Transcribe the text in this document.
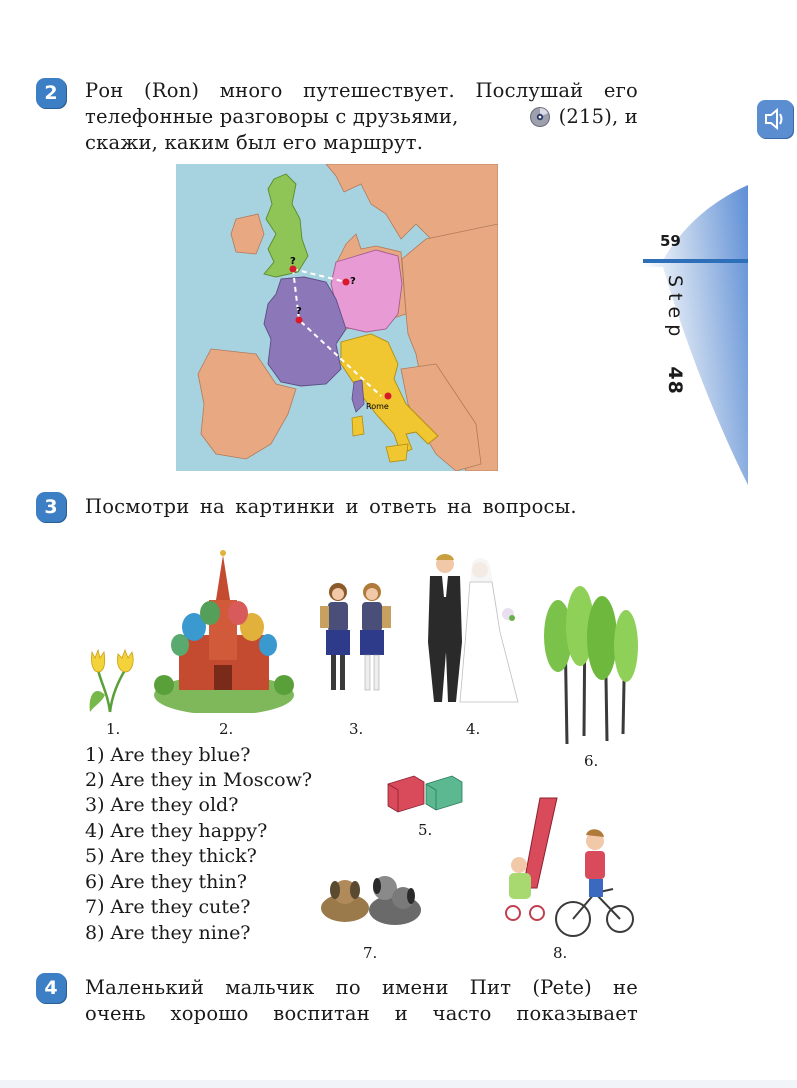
59
Step  48
2	Рон (Ron) много путешествует. Послушай его
телефонные разговоры с друзьями,	(215), и
скажи, каким был его маршрут.
?
?
?
Rome
3	Посмотри на картинки и ответь на вопросы.
1.	2.	3.	4.
6.
5.
7.	8.
1) Are they blue?
2) Are they in Moscow?
3) Are they old?
4) Are they happy?
5) Are they thick?
6) Are they thin?
7) Are they cute?
8) Are they nine?
4	Маленький мальчик по имени Пит (Pete) не
очень хорошо воспитан и часто показывает
